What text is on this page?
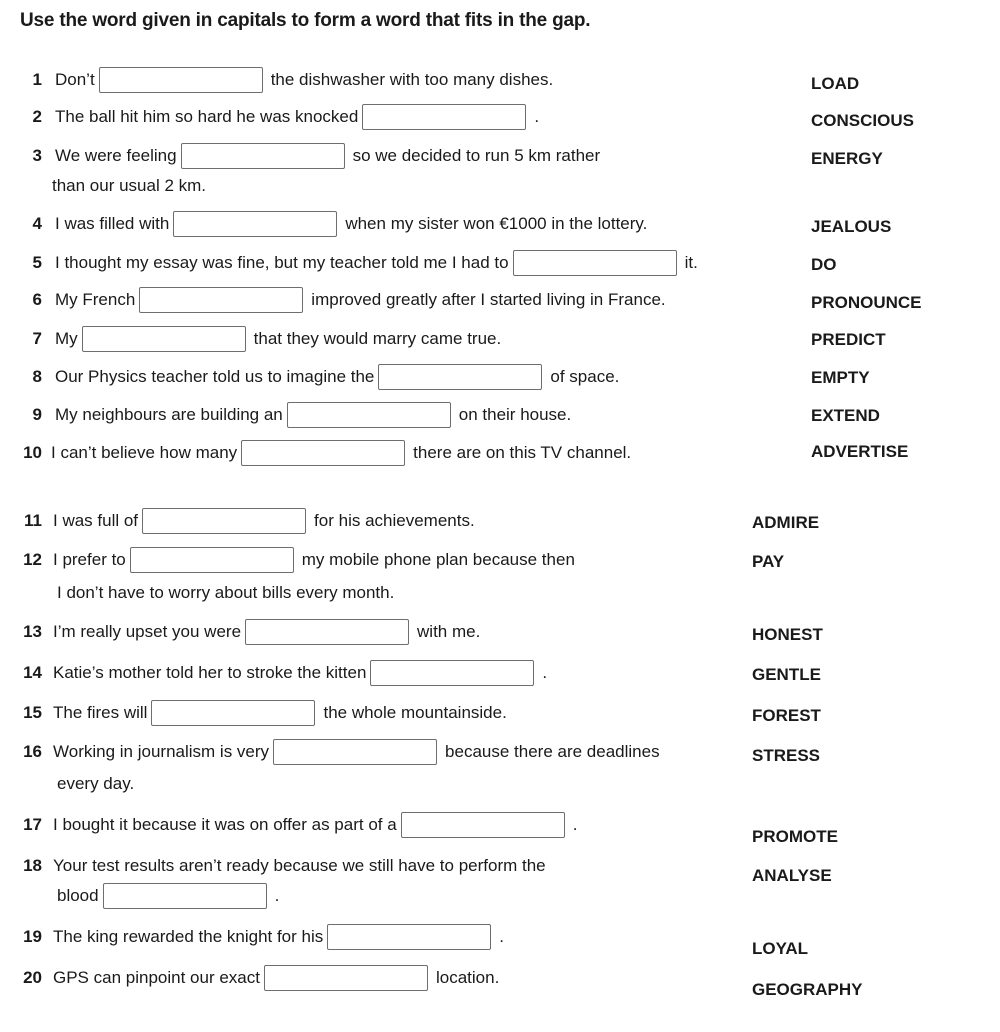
Use the word given in capitals to form a word that fits in the gap.
1 Don’t	the dishwasher with too many dishes.	LOAD
2 The ball hit him so hard he was knocked	.	CONSCIOUS
3 We were feeling	so we decided to run 5 km rather
than our usual 2 km.
ENERGY
4 I was filled with	when my sister won €1000 in the lottery.	JEALOUS
5 I thought my essay was fine, but my teacher told me I had to	it.	DO
6 My French	improved greatly after I started living in France.	PRONOUNCE
7 My	that they would marry came true.	PREDICT
8 Our Physics teacher told us to imagine the	of space.	EMPTY
9 My neighbours are building an	on their house.	EXTEND
10 I can’t believe how many	there are on this TV channel.	ADVERTISE
11 I was full of	for his achievements.	ADMIRE
12 I prefer to	my mobile phone plan because then
I don’t have to worry about bills every month.
PAY
13 I’m really upset you were	with me.	HONEST
14 Katie’s mother told her to stroke the kitten	.	GENTLE
15 The fires will	the whole mountainside.	FOREST
16 Working in journalism is very	because there are deadlines
every day.
STRESS
17 I bought it because it was on offer as part of a	.
PROMOTE
18 Your test results aren’t ready because we still have to perform the
blood	.
ANALYSE
19 The king rewarded the knight for his	.
LOYAL
20 GPS can pinpoint our exact	location.
GEOGRAPHY
